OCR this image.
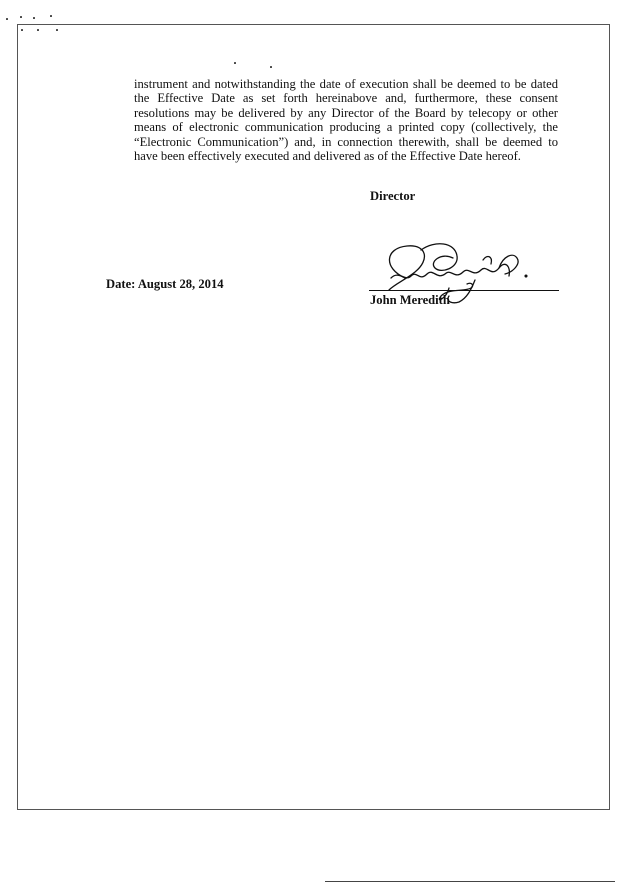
instrument and notwithstanding the date of execution shall be deemed to be dated the Effective Date as set forth hereinabove and, furthermore, these consent resolutions may be delivered by any Director of the Board by telecopy or other means of electronic communication producing a printed copy (collectively, the “Electronic Communication”) and, in connection therewith, shall be deemed to have been effectively executed and delivered as of the Effective Date hereof.

Director
Date: August 28, 2014
John Meredith
